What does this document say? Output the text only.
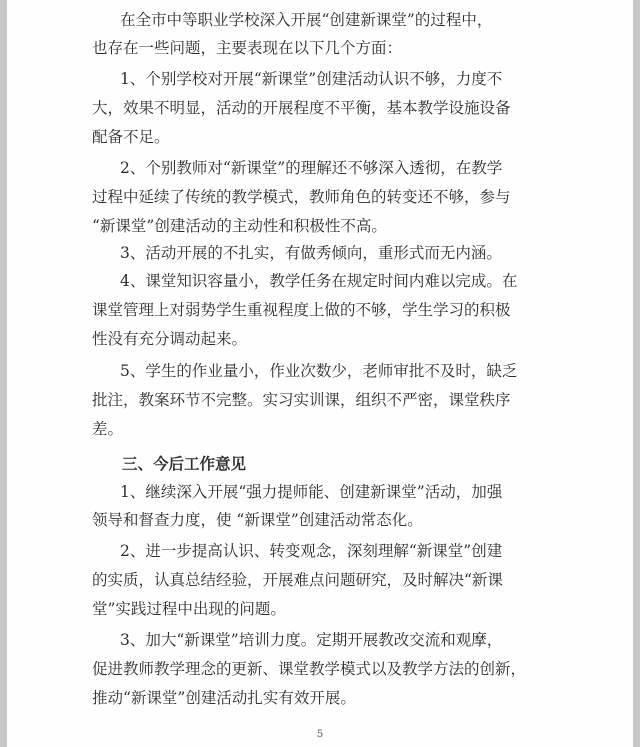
在全市中等职业学校深入开展“创建新课堂”的过程中，
也存在一些问题，主要表现在以下几个方面：
1、个别学校对开展“新课堂”创建活动认识不够，力度不
大，效果不明显，活动的开展程度不平衡，基本教学设施设备
配备不足。
2、个别教师对“新课堂”的理解还不够深入透彻，在教学
过程中延续了传统的教学模式，教师角色的转变还不够，参与
“新课堂”创建活动的主动性和积极性不高。
3、活动开展的不扎实，有做秀倾向，重形式而无内涵。
4、课堂知识容量小，教学任务在规定时间内难以完成。在
课堂管理上对弱势学生重视程度上做的不够，学生学习的积极
性没有充分调动起来。
5、学生的作业量小，作业次数少，老师审批不及时，缺乏
批注，教案环节不完整。实习实训课，组织不严密，课堂秩序
差。
三、今后工作意见
1、继续深入开展“强力提师能、创建新课堂”活动，加强
领导和督查力度，使 “新课堂”创建活动常态化。
2、进一步提高认识、转变观念，深刻理解“新课堂”创建
的实质，认真总结经验，开展难点问题研究，及时解决“新课
堂”实践过程中出现的问题。
3、加大“新课堂”培训力度。定期开展教改交流和观摩，
促进教师教学理念的更新、课堂教学模式以及教学方法的创新，
推动“新课堂”创建活动扎实有效开展。
5
